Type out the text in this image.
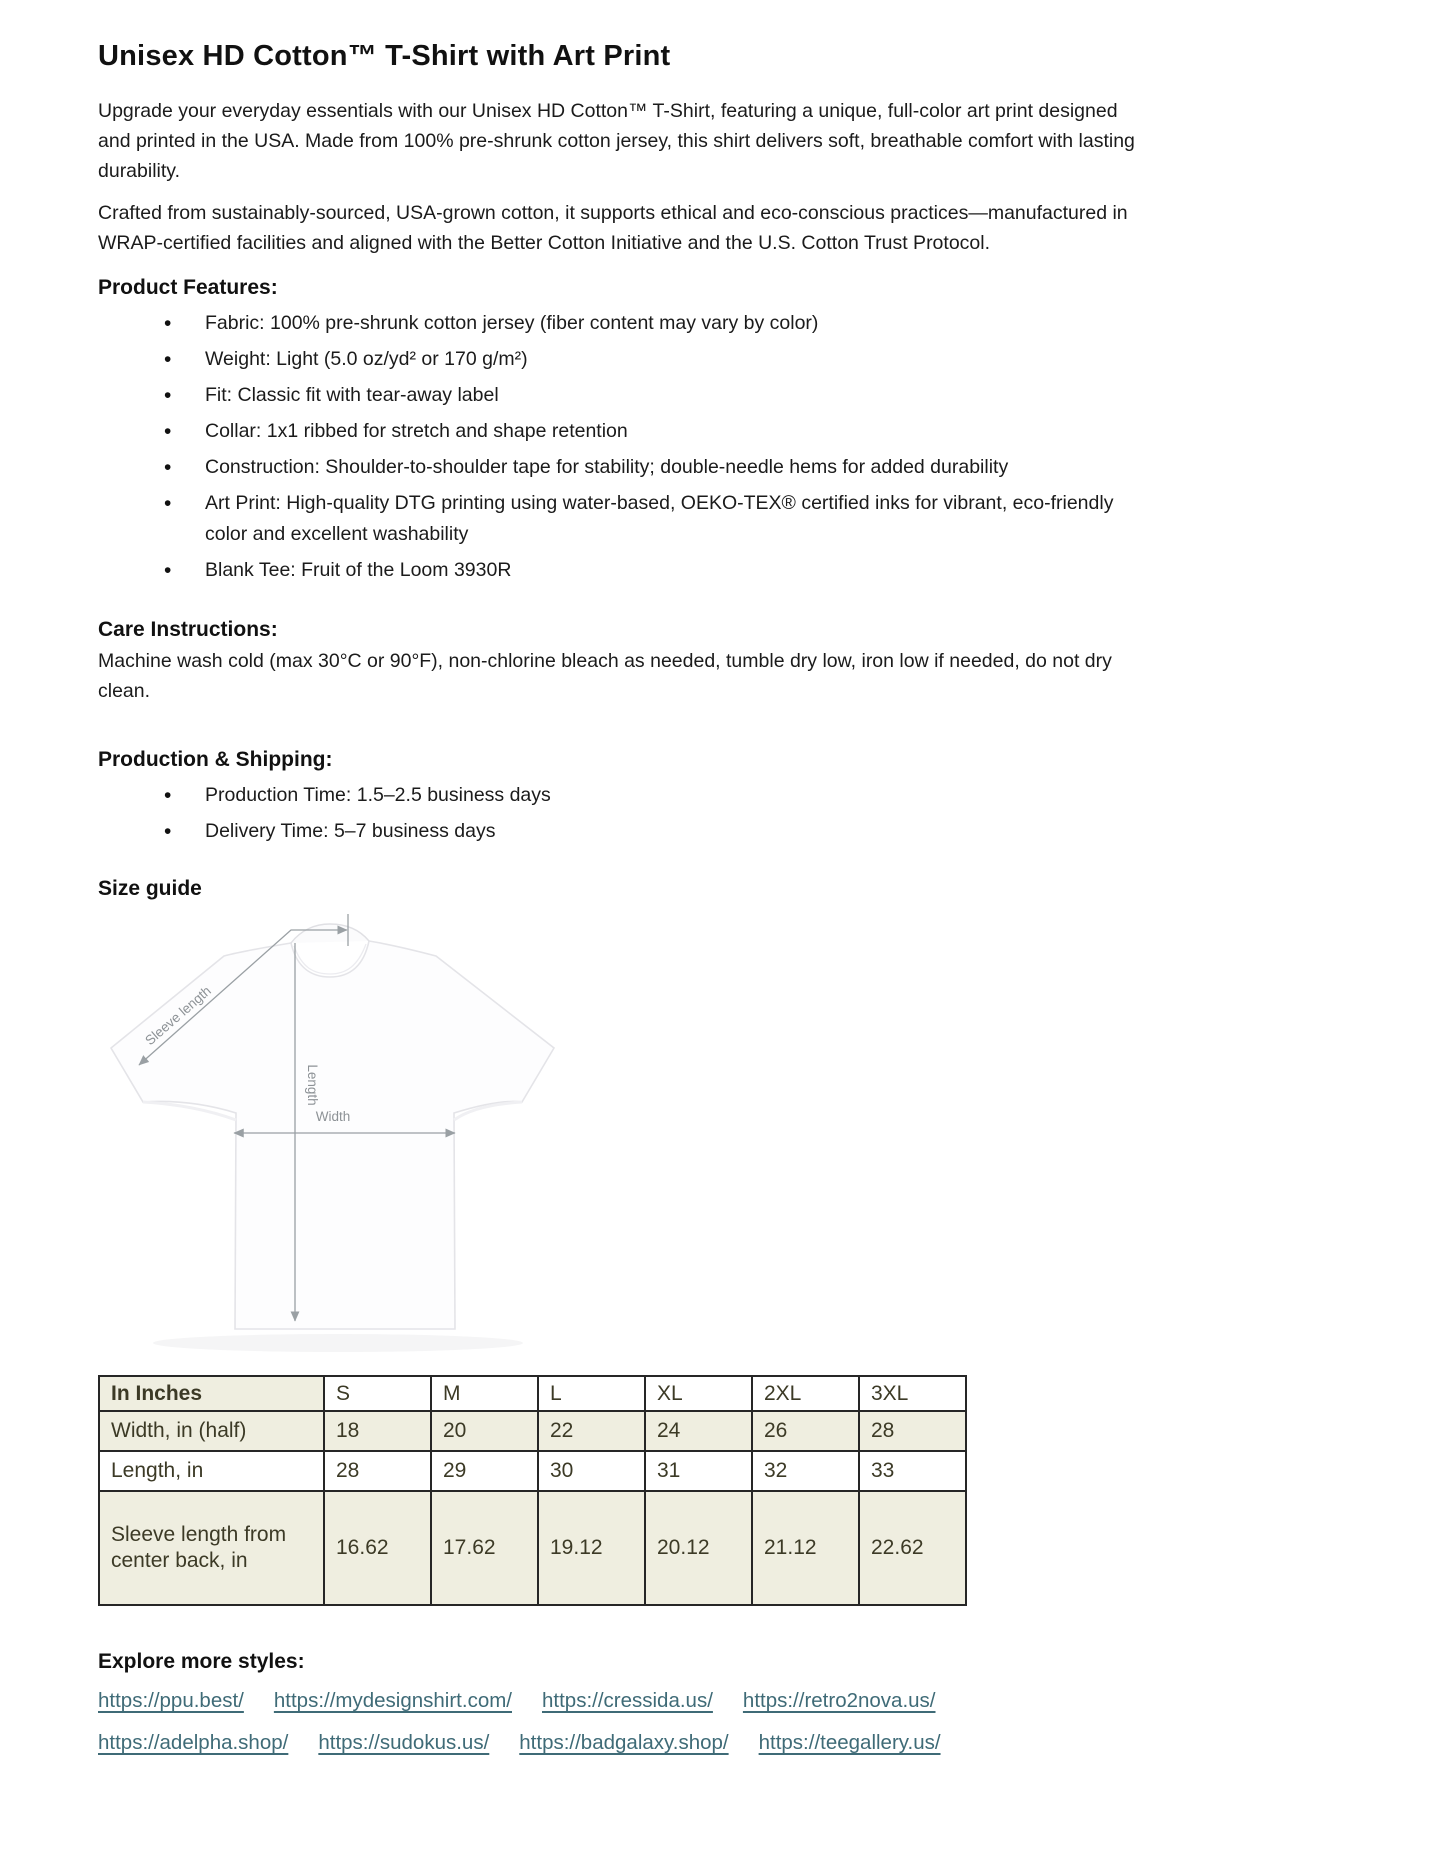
Unisex HD Cotton™ T-Shirt with Art Print

Upgrade your everyday essentials with our Unisex HD Cotton™ T-Shirt, featuring a unique, full-color art print designed and printed in the USA. Made from 100% pre-shrunk cotton jersey, this shirt delivers soft, breathable comfort with lasting durability.

Crafted from sustainably-sourced, USA-grown cotton, it supports ethical and eco-conscious practices—manufactured in WRAP-certified facilities and aligned with the Better Cotton Initiative and the U.S. Cotton Trust Protocol.

Product Features:
• Fabric: 100% pre-shrunk cotton jersey (fiber content may vary by color)
• Weight: Light (5.0 oz/yd² or 170 g/m²)
• Fit: Classic fit with tear-away label
• Collar: 1x1 ribbed for stretch and shape retention
• Construction: Shoulder-to-shoulder tape for stability; double-needle hems for added durability
• Art Print: High-quality DTG printing using water-based, OEKO-TEX® certified inks for vibrant, eco-friendly color and excellent washability
• Blank Tee: Fruit of the Loom 3930R
Care Instructions:

Machine wash cold (max 30°C or 90°F), non-chlorine bleach as needed, tumble dry low, iron low if needed, do not dry clean.

Production & Shipping:
• Production Time: 1.5–2.5 business days
• Delivery Time: 5–7 business days
Size guide
Sleeve length
Length
Width
In Inches	S	M	L	XL	2XL	3XL
Width, in (half)	18	20	22	24	26	28
Length, in	28	29	30	31	32	33
Sleeve length from center back, in	16.62	17.62	19.12	20.12	21.12	22.62
Explore more styles:
https://ppu.best/ https://mydesignshirt.com/ https://cressida.us/ https://retro2nova.us/
https://adelpha.shop/ https://sudokus.us/ https://badgalaxy.shop/ https://teegallery.us/
